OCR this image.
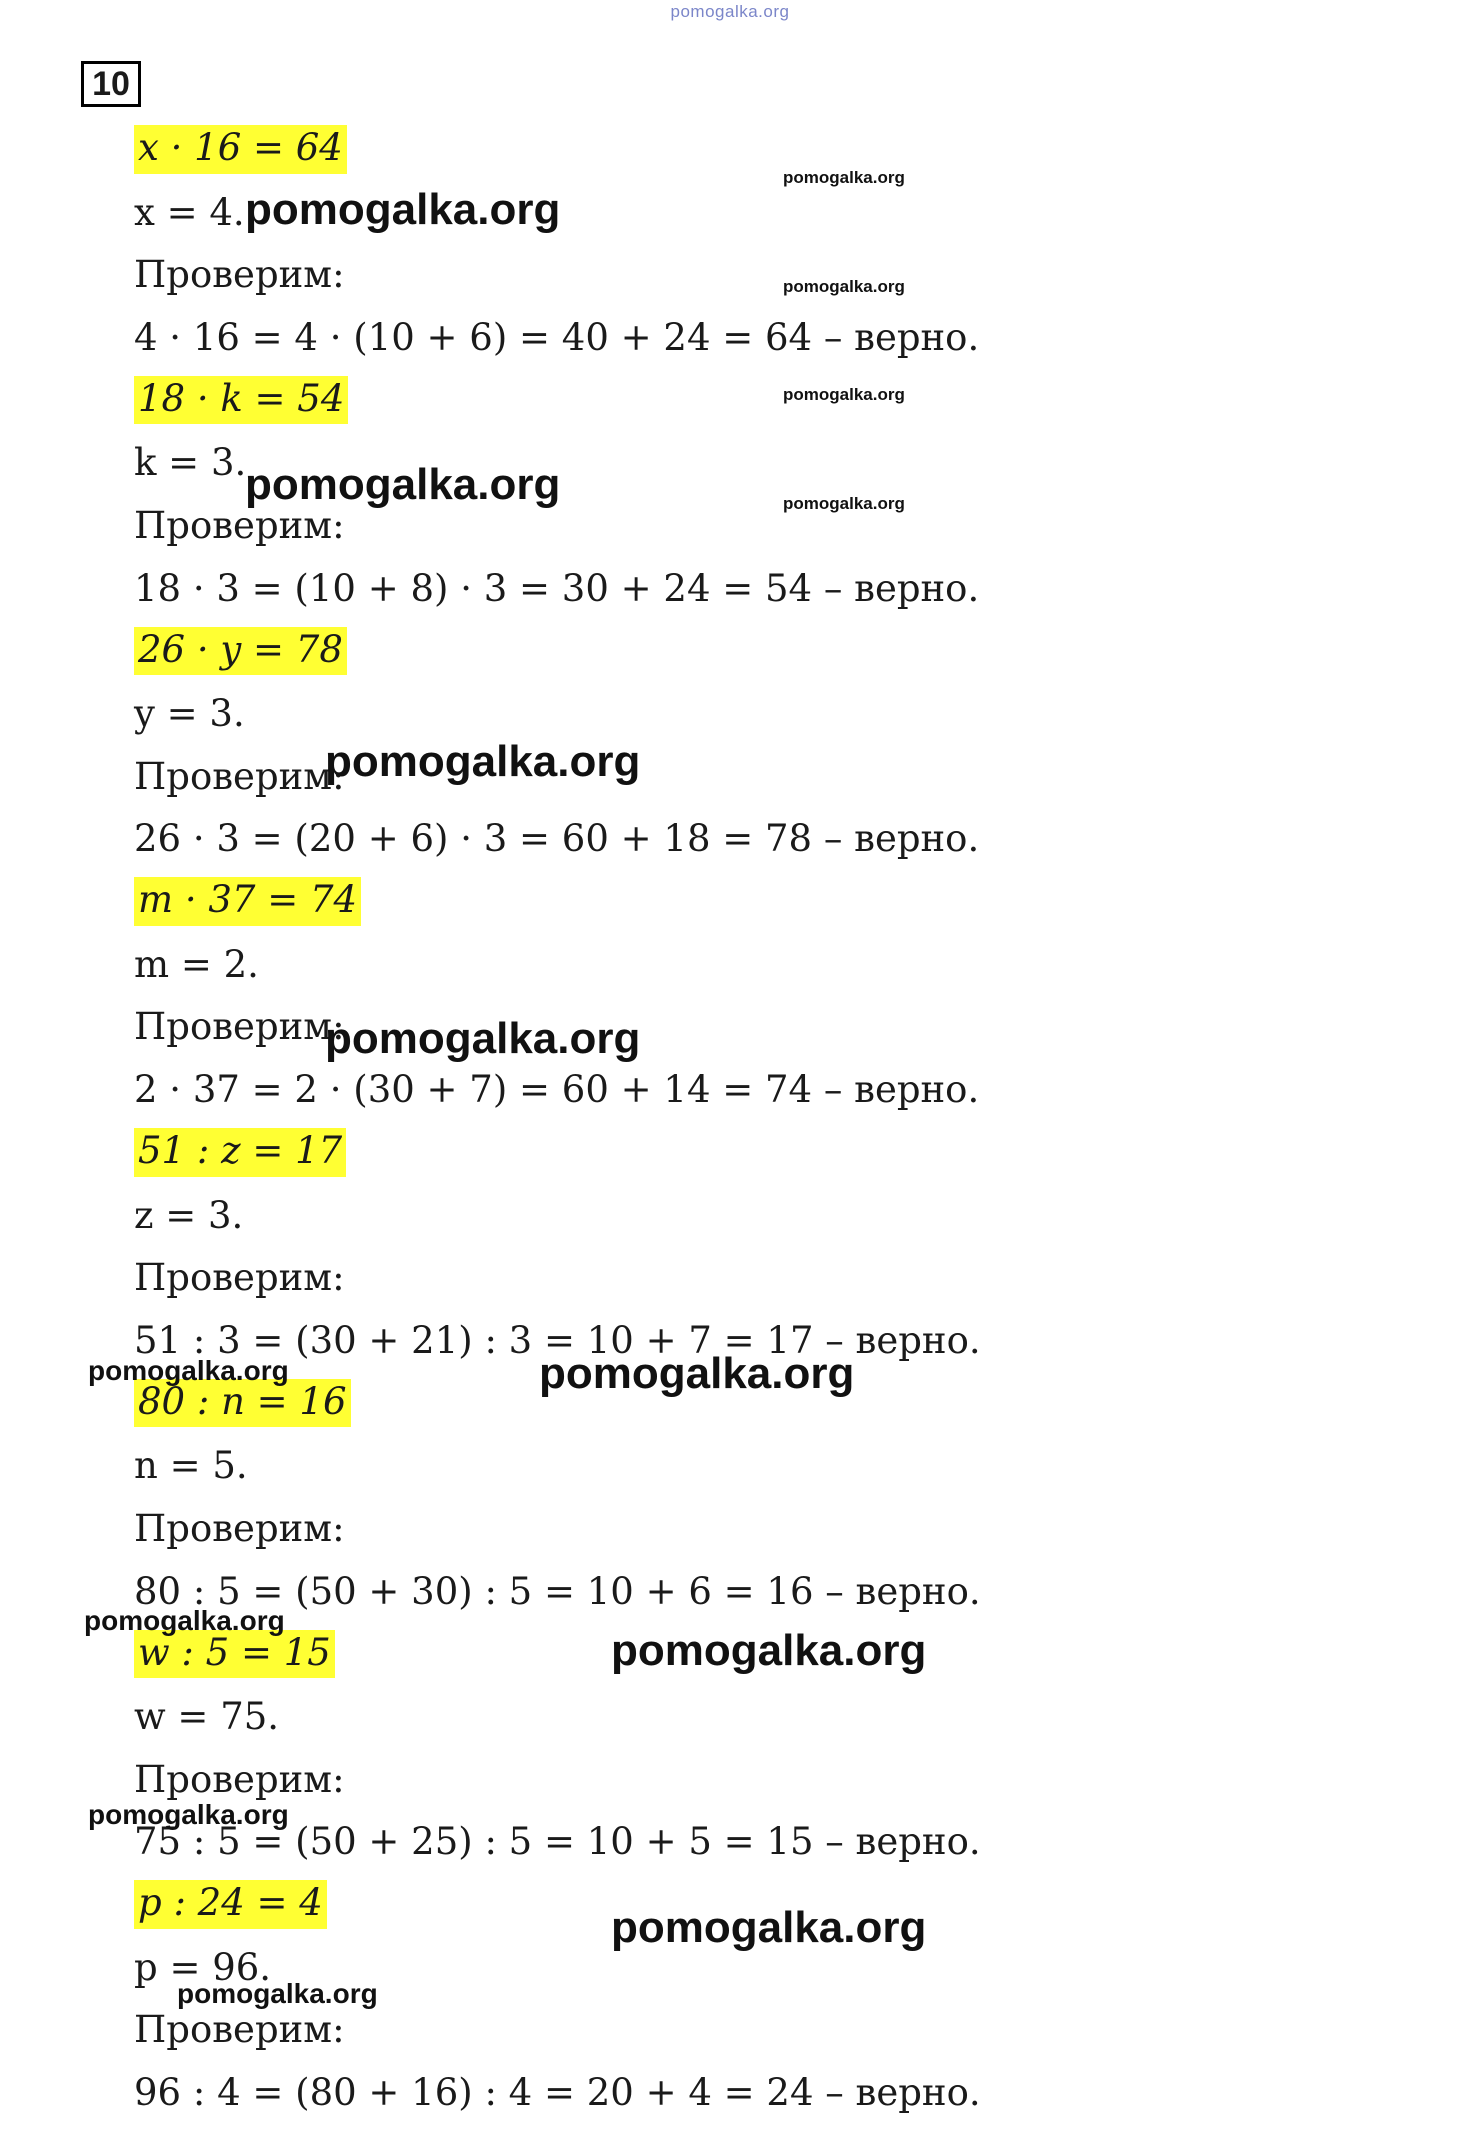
pomogalka.org
10
x · 16 = 64
x = 4.
Проверим:
4 · 16 = 4 · (10 + 6) = 40 + 24 = 64 – верно.
18 · k = 54
k = 3.
Проверим:
18 · 3 = (10 + 8) · 3 = 30 + 24 = 54 – верно.
26 · y = 78
y = 3.
Проверим:
26 · 3 = (20 + 6) · 3 = 60 + 18 = 78 – верно.
m · 37 = 74
m = 2.
Проверим:
2 · 37 = 2 · (30 + 7) = 60 + 14 = 74 – верно.
51 : z = 17
z = 3.
Проверим:
51 : 3 = (30 + 21) : 3 = 10 + 7 = 17 – верно.
80 : n = 16
n = 5.
Проверим:
80 : 5 = (50 + 30) : 5 = 10 + 6 = 16 – верно.
w : 5 = 15
w = 75.
Проверим:
75 : 5 = (50 + 25) : 5 = 10 + 5 = 15 – верно.
p : 24 = 4
p = 96.
Проверим:
96 : 4 = (80 + 16) : 4 = 20 + 4 = 24 – верно.
pomogalka.org
pomogalka.org
pomogalka.org
pomogalka.org
pomogalka.org
pomogalka.org
pomogalka.org
pomogalka.org
pomogalka.org	pomogalka.org
pomogalka.org
pomogalka.org
pomogalka.org
pomogalka.org
pomogalka.org
